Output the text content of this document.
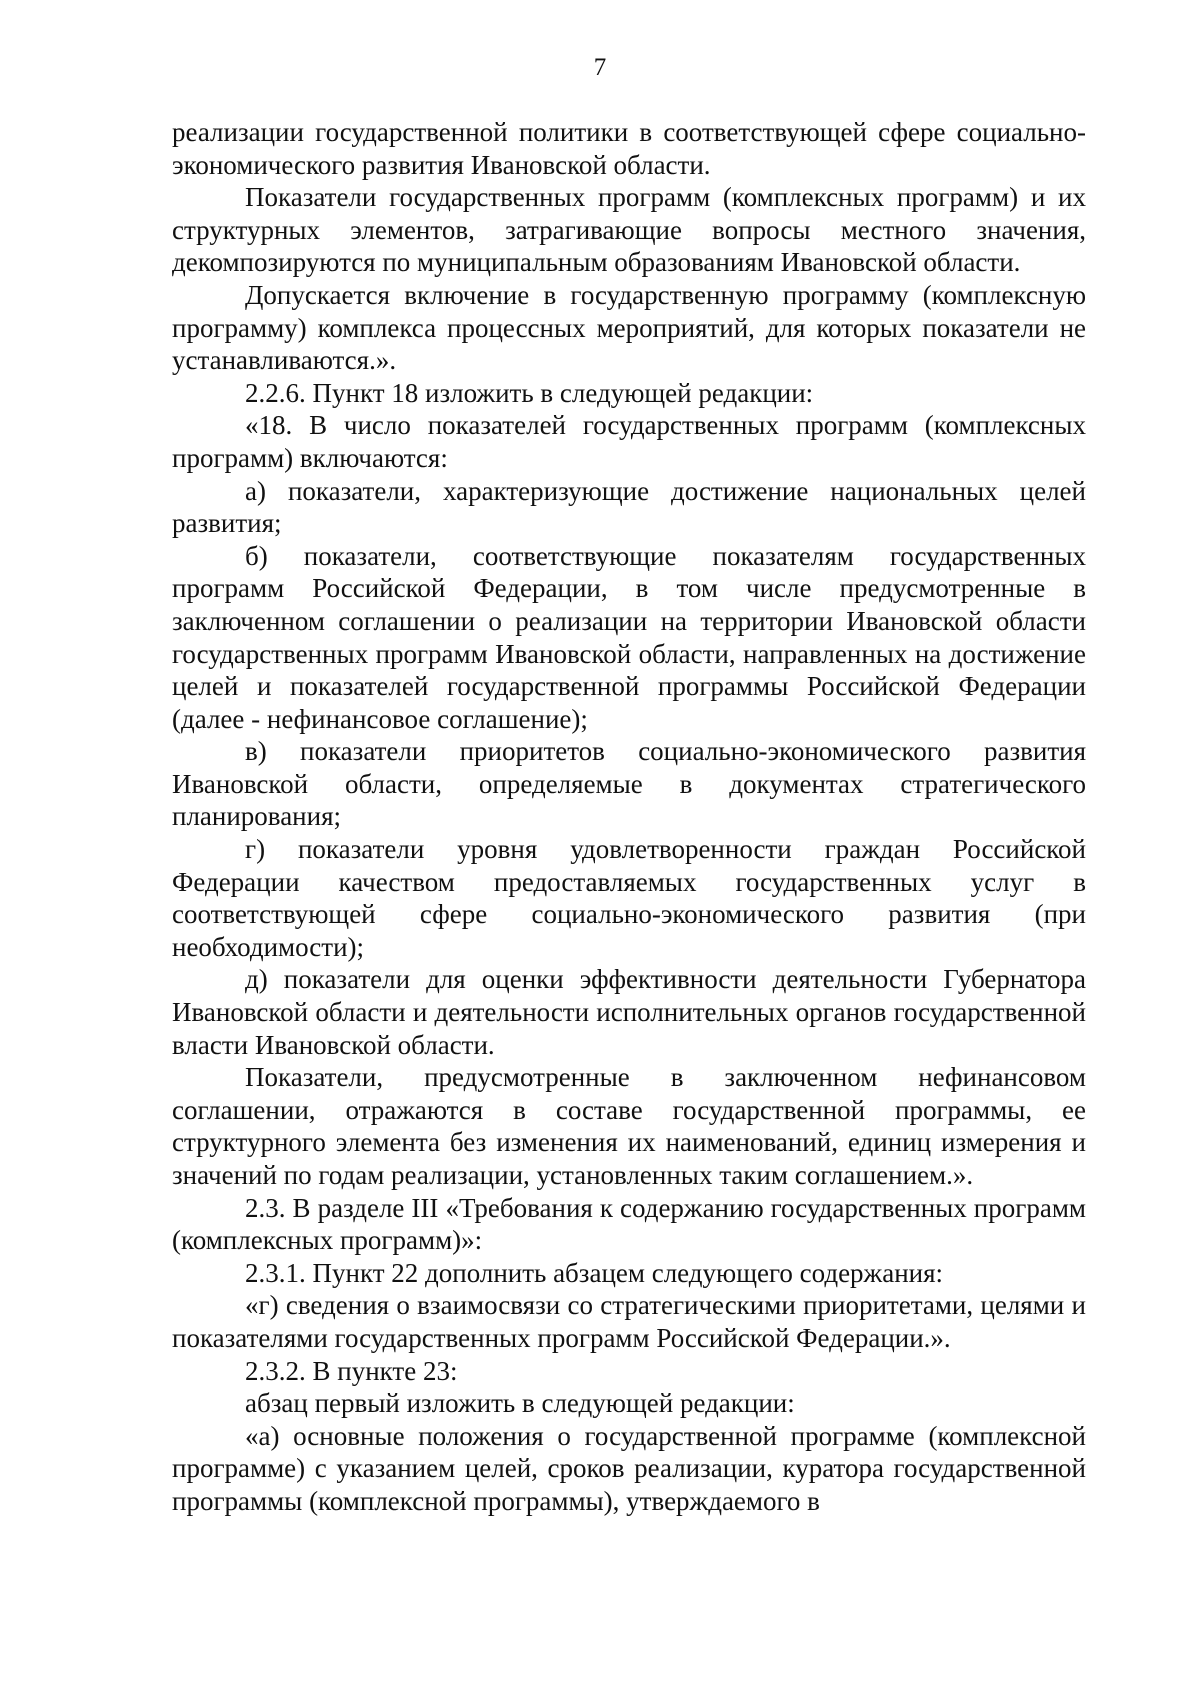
7

реализации государственной политики в соответствующей сфере социально-экономического развития Ивановской области.

Показатели государственных программ (комплексных программ) и их структурных элементов, затрагивающие вопросы местного значения, декомпозируются по муниципальным образованиям Ивановской области.

Допускается включение в государственную программу (комплексную программу) комплекса процессных мероприятий, для которых показатели не устанавливаются.».

2.2.6. Пункт 18 изложить в следующей редакции:

«18. В число показателей государственных программ (комплексных программ) включаются:

а) показатели, характеризующие достижение национальных целей развития;

б) показатели, соответствующие показателям государственных программ Российской Федерации, в том числе предусмотренные в заключенном соглашении о реализации на территории Ивановской области государственных программ Ивановской области, направленных на достижение целей и показателей государственной программы Российской Федерации (далее - нефинансовое соглашение);

в) показатели приоритетов социально-экономического развития Ивановской области, определяемые в документах стратегического планирования;

г) показатели уровня удовлетворенности граждан Российской Федерации качеством предоставляемых государственных услуг в соответствующей сфере социально-экономического развития (при необходимости);

д) показатели для оценки эффективности деятельности Губернатора Ивановской области и деятельности исполнительных органов государственной власти Ивановской области.

Показатели, предусмотренные в заключенном нефинансовом соглашении, отражаются в составе государственной программы, ее структурного элемента без изменения их наименований, единиц измерения и значений по годам реализации, установленных таким соглашением.».

2.3. В разделе III «Требования к содержанию государственных программ (комплексных программ)»:

2.3.1. Пункт 22 дополнить абзацем следующего содержания:

«г) сведения о взаимосвязи со стратегическими приоритетами, целями и показателями государственных программ Российской Федерации.».

2.3.2. В пункте 23:

абзац первый изложить в следующей редакции:

«а) основные положения о государственной программе (комплексной программе) с указанием целей, сроков реализации, куратора государственной программы (комплексной программы), утверждаемого в
